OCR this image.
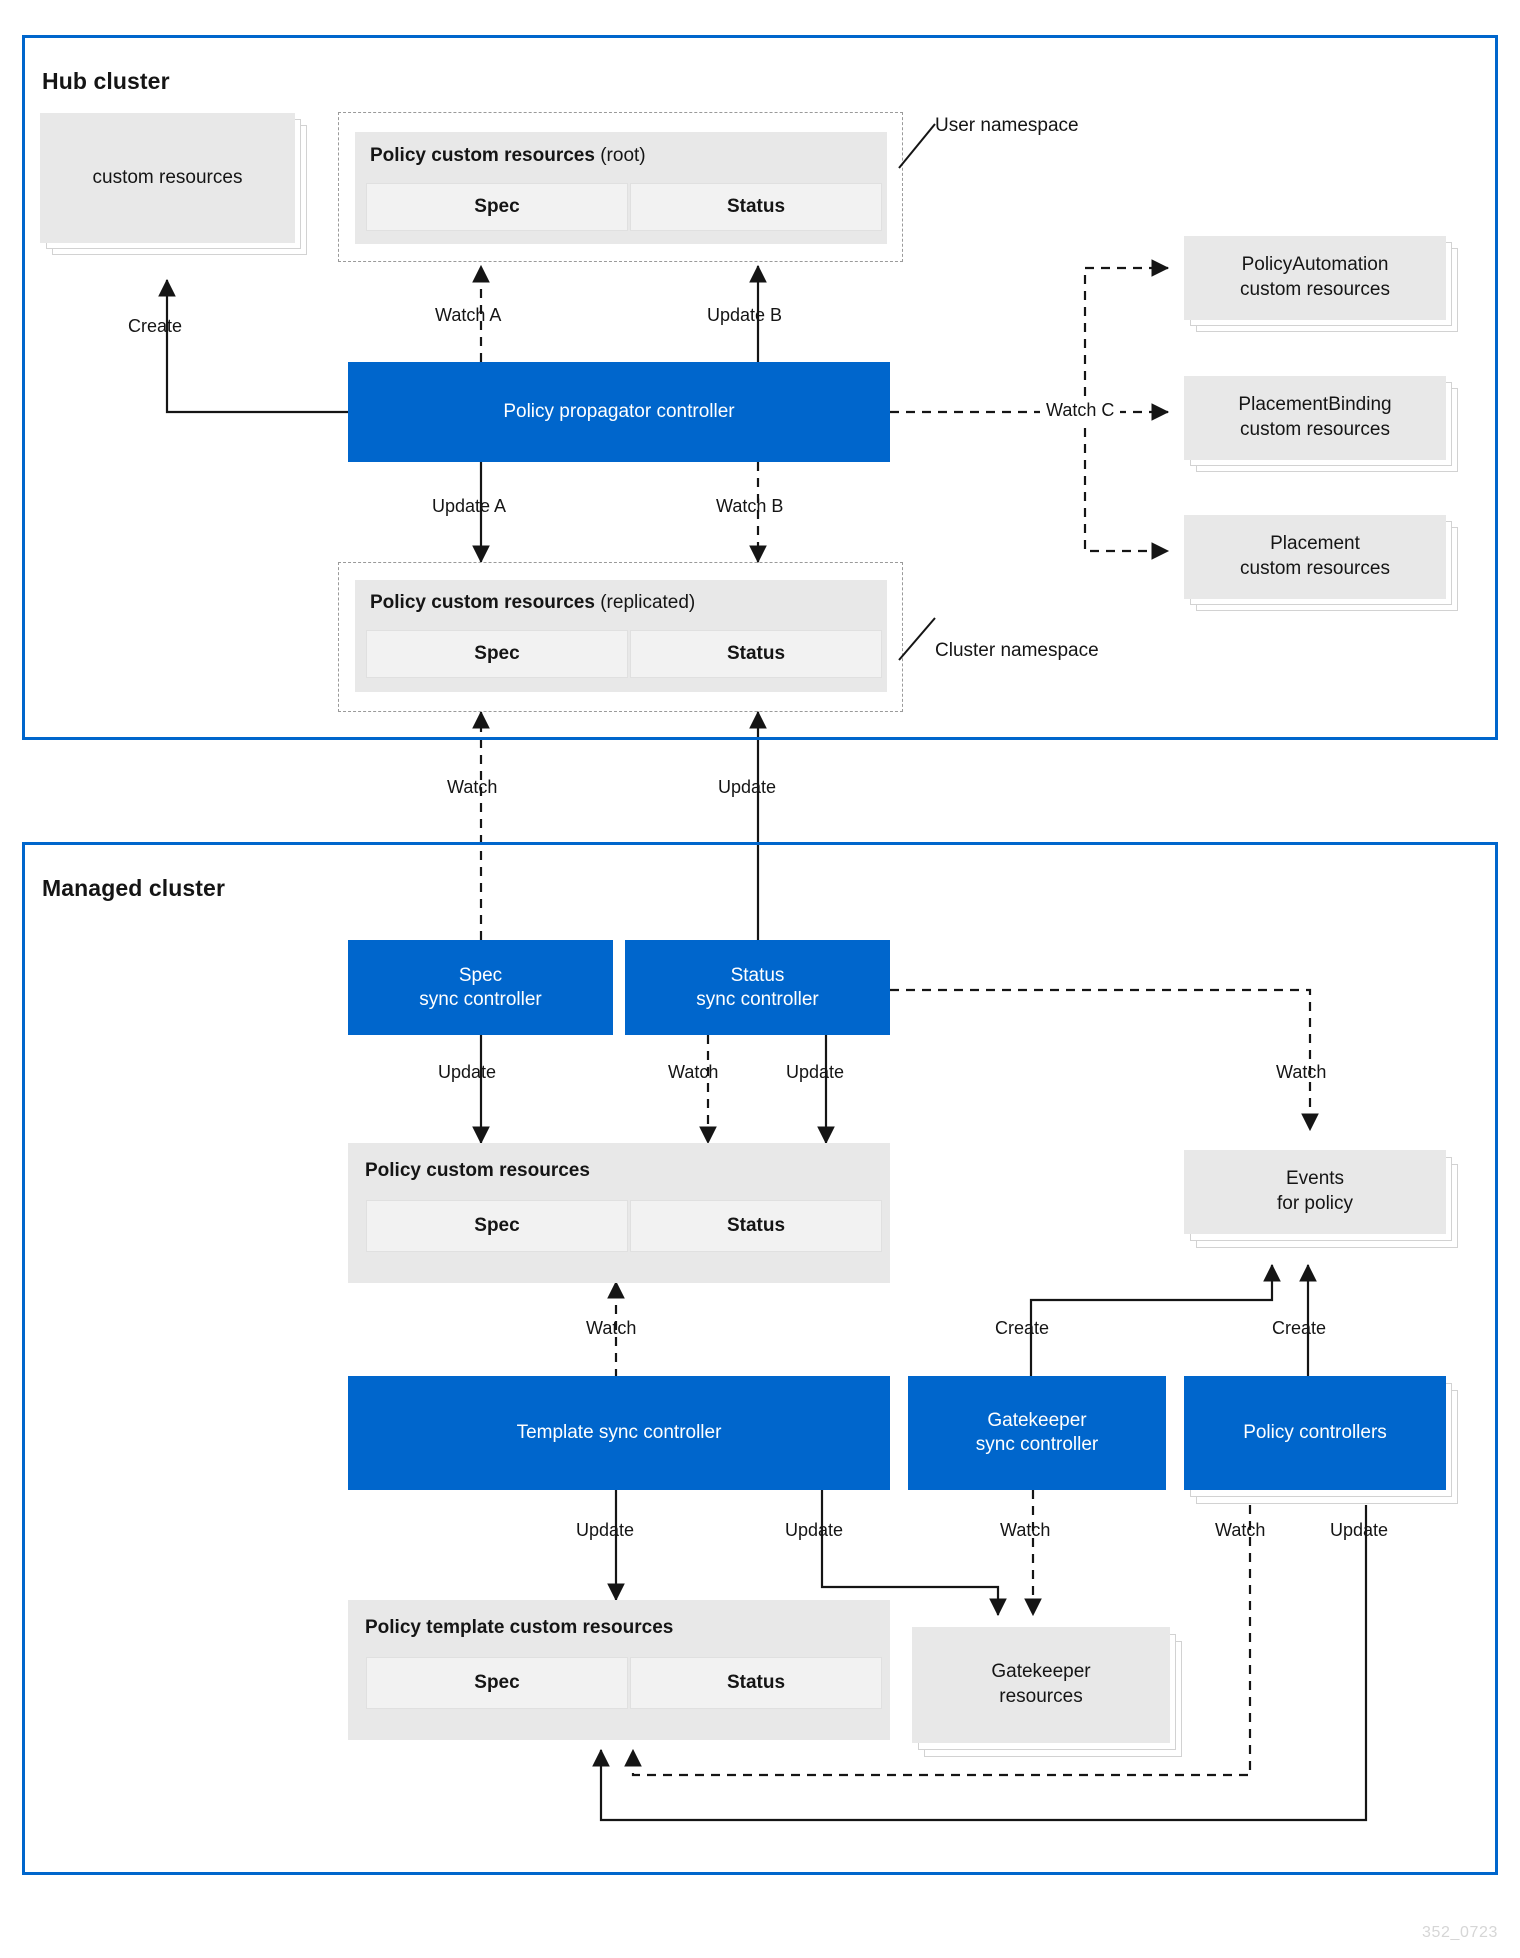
Hub cluster
custom resources
Policy custom resources (root)
Spec	Status
User namespace
Policy propagator controller
Policy custom resources (replicated)
Spec	Status	Cluster namespace
PolicyAutomation
custom resources
PlacementBinding
custom resources
Placement
custom resources
Create
Watch A	Update B
Update A	Watch B
Watch C
Watch	Update
Managed cluster
Spec
sync controller
Status
sync controller
Policy custom resources
Spec	Status
Events
for policy
Template sync controller
Gatekeeper
sync controller
Policy controllers
Policy template custom resources
Spec	Status
Gatekeeper
resources
Update	Watch	Update	Watch
Watch
Update	Update	Watch
Create	Create
Watch	Update
352_0723
